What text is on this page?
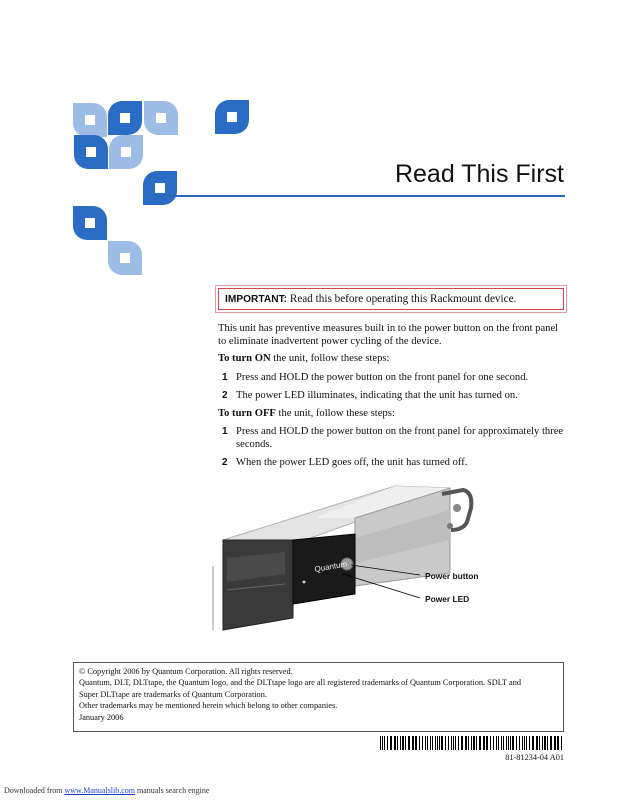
Read This First
IMPORTANT: Read this before operating this Rackmount device.
This unit has preventive measures built in to the power button on the front panel to eliminate inadvertent power cycling of the device.
To turn ON the unit, follow these steps:
1 Press and HOLD the power button on the front panel for one second.
2 The power LED illuminates, indicating that the unit has turned on.
To turn OFF the unit, follow these steps:
1 Press and HOLD the power button on the front panel for approximately three seconds.
2 When the power LED goes off, the unit has turned off.
Quantum
Power button
Power LED
© Copyright 2006 by Quantum Corporation. All rights reserved.
Quantum, DLT, DLTtape, the Quantum logo, and the DLTtape logo are all registered trademarks of Quantum Corporation. SDLT and
Super DLTtape are trademarks of Quantum Corporation.
Other trademarks may be mentioned herein which belong to other companies.
January 2006
81-81234-04 A01
Downloaded from www.Manualslib.com manuals search engine
